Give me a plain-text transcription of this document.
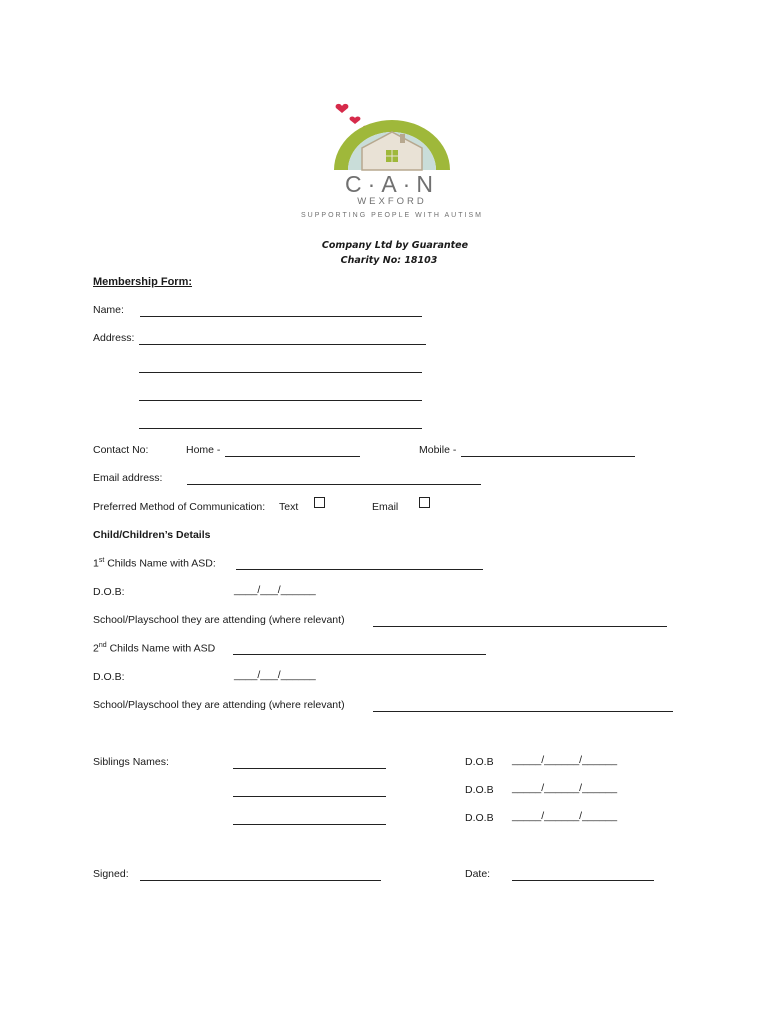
C·A·N
WEXFORD
SUPPORTING PEOPLE WITH AUTISM
Company Ltd by Guarantee
Charity No: 18103
Membership Form:
Name:
Address:
Contact No:	Home -	Mobile -
Email address:
Preferred Method of Communication: Text	Email
Child/Children’s Details
1st Childs Name with ASD:
D.O.B:	____/___/______
School/Playschool they are attending (where relevant)
2nd Childs Name with ASD
D.O.B:	____/___/______
School/Playschool they are attending (where relevant)
Siblings Names:	D.O.B _____/______/______
D.O.B _____/______/______
D.O.B _____/______/______
Signed:	Date:
